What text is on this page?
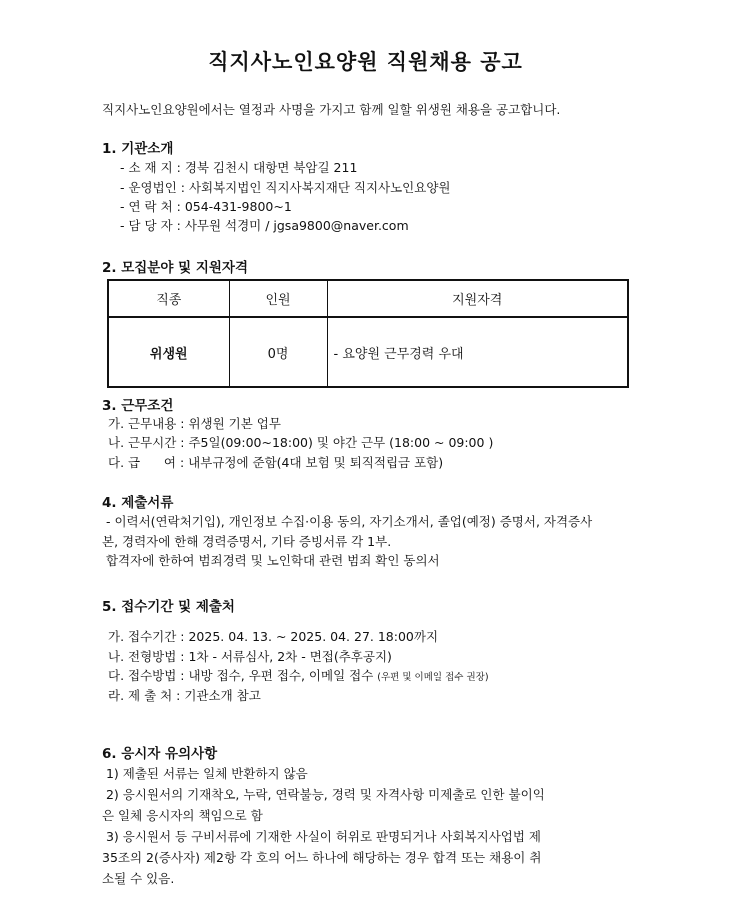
직지사노인요양원 직원채용 공고
직지사노인요양원에서는 열정과 사명을 가지고 함께 일할 위생원 채용을 공고합니다.
1. 기관소개
- 소 재 지 : 경북 김천시 대항면 북암길 211
- 운영법인 : 사회복지법인 직지사복지재단 직지사노인요양원
- 연 락 처 : 054-431-9800~1
- 담 당 자 : 사무원 석경미 / jgsa9800@naver.com
2. 모집분야 및 지원자격
직종	인원	지원자격
위생원	0명	- 요양원 근무경력 우대
3. 근무조건
가. 근무내용 : 위생원 기본 업무
나. 근무시간 : 주5일(09:00~18:00) 및 야간 근무 (18:00 ~ 09:00 )
다. 급      여 : 내부규정에 준함(4대 보험 및 퇴직적립금 포함)
4. 제출서류
- 이력서(연락처기입), 개인정보 수집·이용 동의, 자기소개서, 졸업(예정) 증명서, 자격증사
본, 경력자에 한해 경력증명서, 기타 증빙서류 각 1부.
합격자에 한하여 범죄경력 및 노인학대 관련 범죄 확인 동의서
5. 접수기간 및 제출처
가. 접수기간 : 2025. 04. 13. ~ 2025. 04. 27. 18:00까지
나. 전형방법 : 1차 - 서류심사, 2차 - 면접(추후공지)
다. 접수방법 : 내방 접수, 우편 접수, 이메일 접수 (우편 및 이메일 접수 권장)
라. 제 출 처 : 기관소개 참고
6. 응시자 유의사항
1) 제출된 서류는 일체 반환하지 않음
2) 응시원서의 기재착오, 누락, 연락불능, 경력 및 자격사항 미제출로 인한 불이익
은 일체 응시자의 책임으로 함
3) 응시원서 등 구비서류에 기재한 사실이 허위로 판명되거나 사회복지사업법 제
35조의 2(증사자) 제2항 각 호의 어느 하나에 해당하는 경우 합격 또는 채용이 취
소될 수 있음.
